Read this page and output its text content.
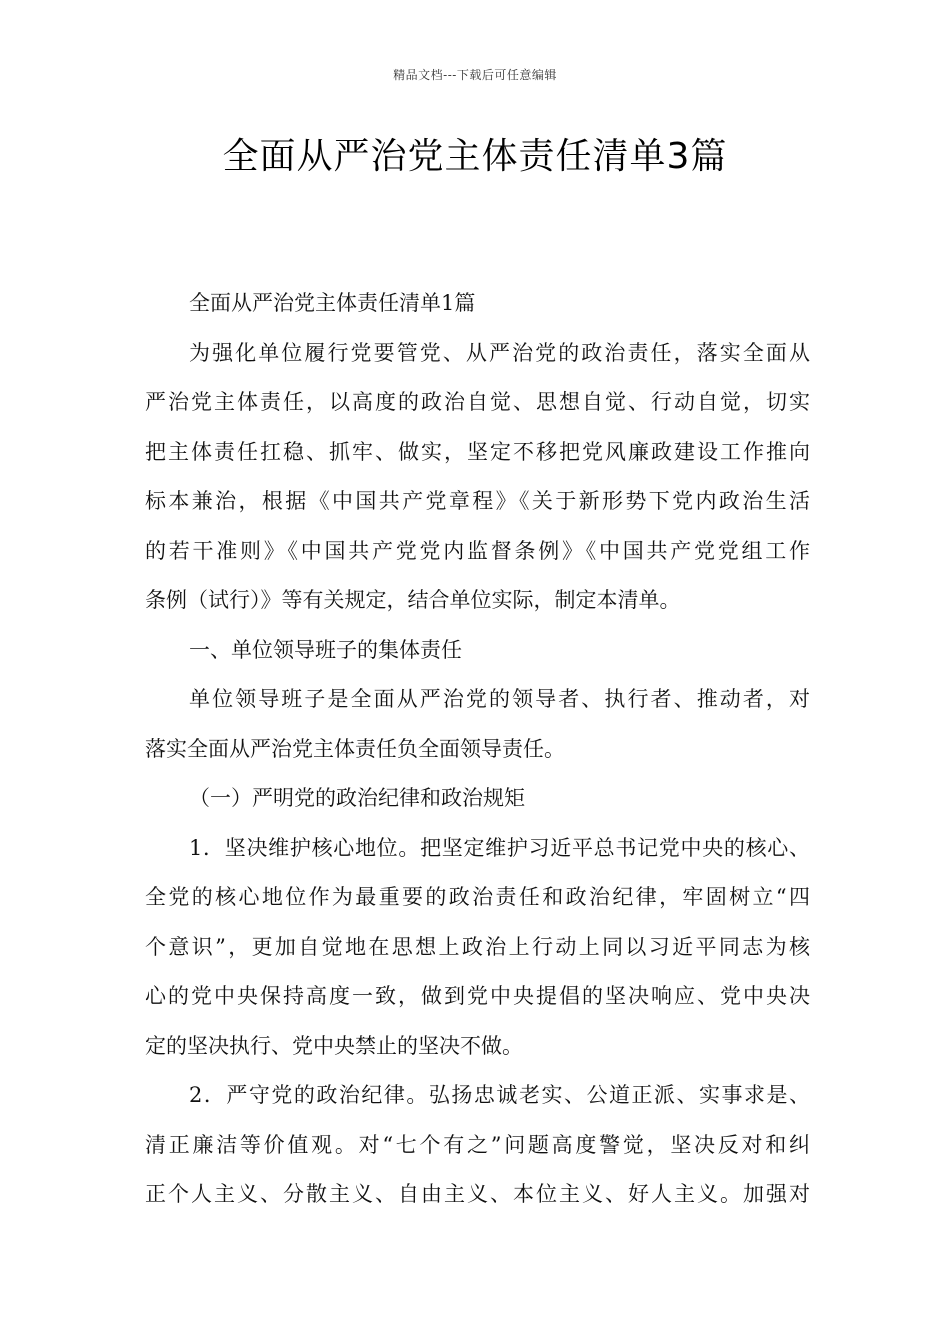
精品文档---下载后可任意编辑
全面从严治党主体责任清单3篇

全面从严治党主体责任清单1篇

为强化单位履行党要管党、从严治党的政治责任，落实全面从
严治党主体责任，以高度的政治自觉、思想自觉、行动自觉，切实
把主体责任扛稳、抓牢、做实，坚定不移把党风廉政建设工作推向
标本兼治，根据《中国共产党章程》《关于新形势下党内政治生活
的若干准则》《中国共产党党内监督条例》《中国共产党党组工作
条例（试行）》等有关规定，结合单位实际，制定本清单。

一、单位领导班子的集体责任

单位领导班子是全面从严治党的领导者、执行者、推动者，对
落实全面从严治党主体责任负全面领导责任。

（一）严明党的政治纪律和政治规矩

1．坚决维护核心地位。把坚定维护习近平总书记党中央的核心、
全党的核心地位作为最重要的政治责任和政治纪律，牢固树立“四
个意识”，更加自觉地在思想上政治上行动上同以习近平同志为核
心的党中央保持高度一致，做到党中央提倡的坚决响应、党中央决
定的坚决执行、党中央禁止的坚决不做。

2．严守党的政治纪律。弘扬忠诚老实、公道正派、实事求是、
清正廉洁等价值观。对“七个有之”问题高度警觉，坚决反对和纠
正个人主义、分散主义、自由主义、本位主义、好人主义。加强对
